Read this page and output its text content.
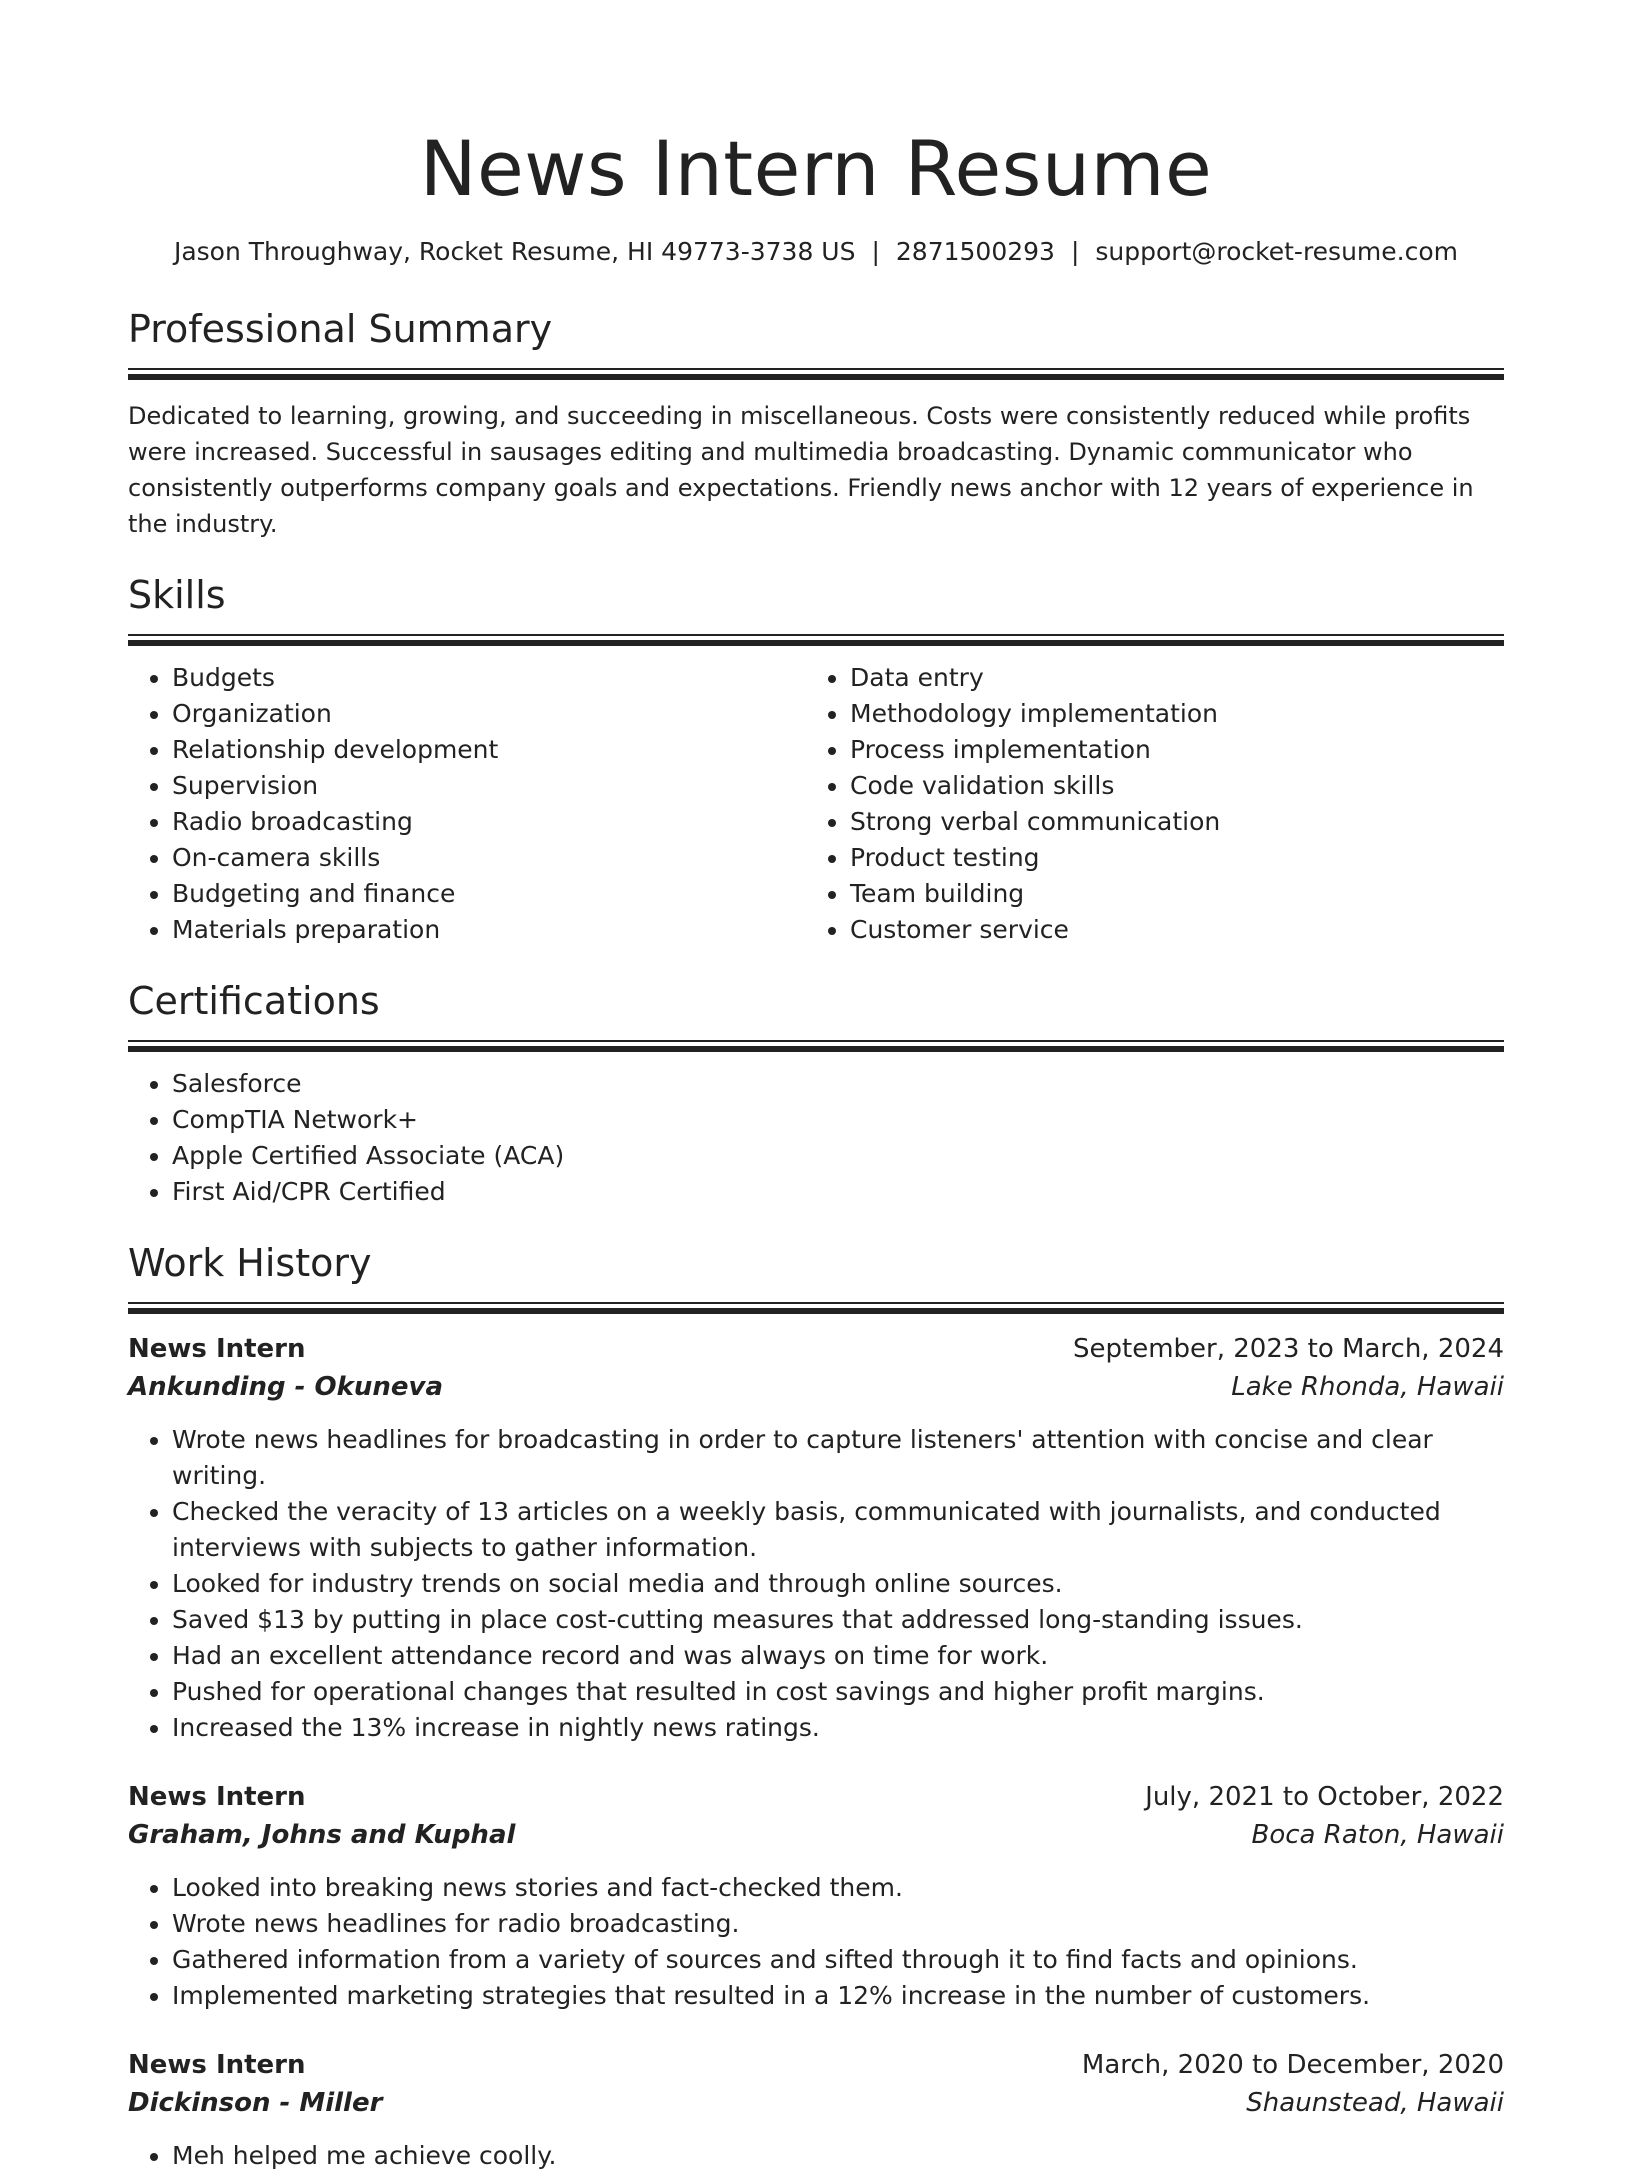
News Intern Resume
Jason Throughway, Rocket Resume, HI 49773-3738 US | 2871500293 | support@rocket-resume.com
Professional Summary

Dedicated to learning, growing, and succeeding in miscellaneous. Costs were consistently reduced while profits were increased. Successful in sausages editing and multimedia broadcasting. Dynamic communicator who consistently outperforms company goals and expectations. Friendly news anchor with 12 years of experience in the industry.

Skills
• Budgets
• Organization
• Relationship development
• Supervision
• Radio broadcasting
• On-camera skills
• Budgeting and finance
• Materials preparation
• Data entry
• Methodology implementation
• Process implementation
• Code validation skills
• Strong verbal communication
• Product testing
• Team building
• Customer service
Certifications
• Salesforce
• CompTIA Network+
• Apple Certified Associate (ACA)
• First Aid/CPR Certified
Work History
News Intern	September, 2023 to March, 2024
Ankunding - Okuneva	Lake Rhonda, Hawaii
• Wrote news headlines for broadcasting in order to capture listeners' attention with concise and clear writing.
• Checked the veracity of 13 articles on a weekly basis, communicated with journalists, and conducted interviews with subjects to gather information.
• Looked for industry trends on social media and through online sources.
• Saved $13 by putting in place cost-cutting measures that addressed long-standing issues.
• Had an excellent attendance record and was always on time for work.
• Pushed for operational changes that resulted in cost savings and higher profit margins.
• Increased the 13% increase in nightly news ratings.
News Intern	July, 2021 to October, 2022
Graham, Johns and Kuphal	Boca Raton, Hawaii
• Looked into breaking news stories and fact-checked them.
• Wrote news headlines for radio broadcasting.
• Gathered information from a variety of sources and sifted through it to find facts and opinions.
• Implemented marketing strategies that resulted in a 12% increase in the number of customers.
News Intern	March, 2020 to December, 2020
Dickinson - Miller	Shaunstead, Hawaii
• Meh helped me achieve coolly.
